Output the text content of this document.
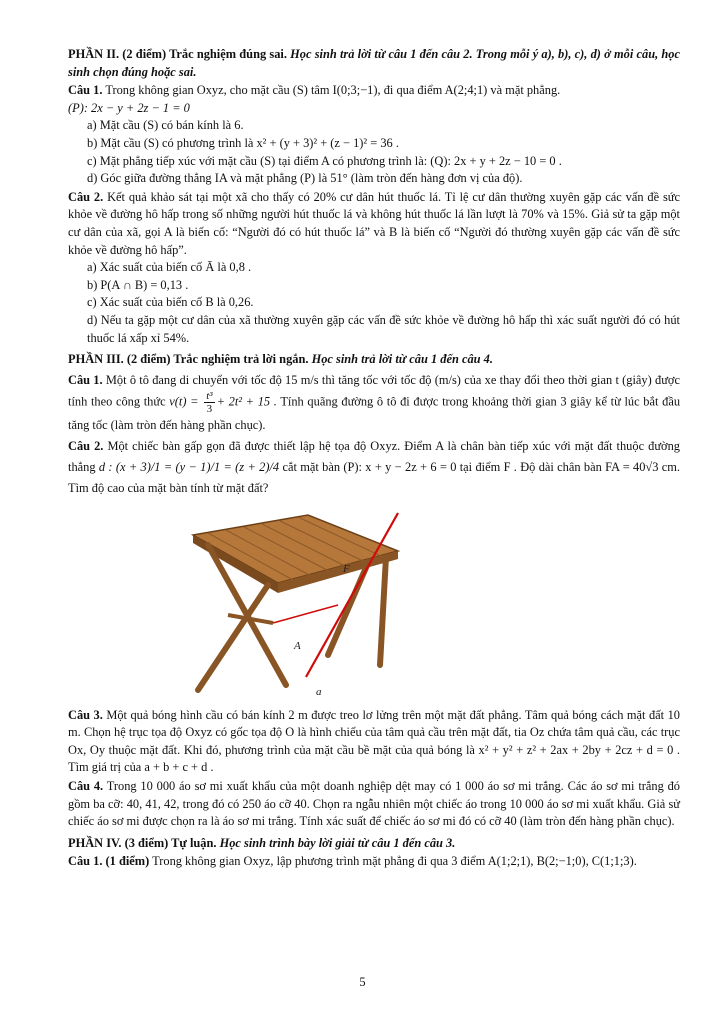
PHẦN II. (2 điểm) Trắc nghiệm đúng sai. Học sinh trả lời từ câu 1 đến câu 2. Trong mỗi ý a), b), c), d) ở mỗi câu, học sinh chọn đúng hoặc sai.

Câu 1. Trong không gian Oxyz, cho mặt cầu (S) tâm I(0;3;−1), đi qua điểm A(2;4;1) và mặt phẳng.

(P): 2x − y + 2z − 1 = 0

a) Mặt cầu (S) có bán kính là 6.

b) Mặt cầu (S) có phương trình là x² + (y + 3)² + (z − 1)² = 36 .

c) Mặt phẳng tiếp xúc với mặt cầu (S) tại điểm A có phương trình là: (Q): 2x + y + 2z − 10 = 0 .

d) Góc giữa đường thẳng IA và mặt phẳng (P) là 51° (làm tròn đến hàng đơn vị của độ).

Câu 2. Kết quả khảo sát tại một xã cho thấy có 20% cư dân hút thuốc lá. Tỉ lệ cư dân thường xuyên gặp các vấn đề sức khỏe về đường hô hấp trong số những người hút thuốc lá và không hút thuốc lá lần lượt là 70% và 15%. Giả sử ta gặp một cư dân của xã, gọi A là biến cố: “Người đó có hút thuốc lá” và B là biến cố “Người đó thường xuyên gặp các vấn đề sức khỏe về đường hô hấp”.

a) Xác suất của biến cố Ā là 0,8 .

b) P(A ∩ B) = 0,13 .

c) Xác suất của biến cố B là 0,26.

d) Nếu ta gặp một cư dân của xã thường xuyên gặp các vấn đề sức khỏe về đường hô hấp thì xác suất người đó có hút thuốc lá xấp xỉ 54%.

PHẦN III. (2 điểm) Trắc nghiệm trả lời ngắn. Học sinh trả lời từ câu 1 đến câu 4.

Câu 1. Một ô tô đang di chuyển với tốc độ 15 m/s thì tăng tốc với tốc độ (m/s) của xe thay đổi theo thời gian t (giây) được tính theo công thức $v(t) = \frac{\text{t³}}{3} + 2t^2 + 15$ . Tính quãng đường ô tô đi được trong khoảng thời gian 3 giây kể từ lúc bắt đầu tăng tốc (làm tròn đến hàng phần chục).

Câu 2. Một chiếc bàn gấp gọn đã được thiết lập hệ tọa độ Oxyz. Điểm A là chân bàn tiếp xúc với mặt đất thuộc đường thẳng d : (x + 3)/1 = (y − 1)/1 = (z + 2)/4 cắt mặt bàn (P): x + y − 2z + 6 = 0 tại điểm F . Độ dài chân bàn FA = 40√3 cm. Tìm độ cao của mặt bàn tính từ mặt đất?

F
A
a

Câu 3. Một quả bóng hình cầu có bán kính 2 m được treo lơ lửng trên một mặt đất phẳng. Tâm quả bóng cách mặt đất 10 m. Chọn hệ trục tọa độ Oxyz có gốc tọa độ O là hình chiếu của tâm quả cầu trên mặt đất, tia Oz chứa tâm quả cầu, các trục Ox, Oy thuộc mặt đất. Khi đó, phương trình của mặt cầu bề mặt của quả bóng là x² + y² + z² + 2ax + 2by + 2cz + d = 0 . Tìm giá trị của a + b + c + d .

Câu 4. Trong 10 000 áo sơ mi xuất khẩu của một doanh nghiệp dệt may có 1 000 áo sơ mi trắng. Các áo sơ mi trắng đó gồm ba cỡ: 40, 41, 42, trong đó có 250 áo cỡ 40. Chọn ra ngẫu nhiên một chiếc áo trong 10 000 áo sơ mi xuất khẩu. Giả sử chiếc áo sơ mi được chọn ra là áo sơ mi trắng. Tính xác suất để chiếc áo sơ mi đó có cỡ 40 (làm tròn đến hàng phần chục).

PHẦN IV. (3 điểm) Tự luận. Học sinh trình bày lời giải từ câu 1 đến câu 3.

Câu 1. (1 điểm) Trong không gian Oxyz, lập phương trình mặt phẳng đi qua 3 điểm A(1;2;1), B(2;−1;0), C(1;1;3).

5
